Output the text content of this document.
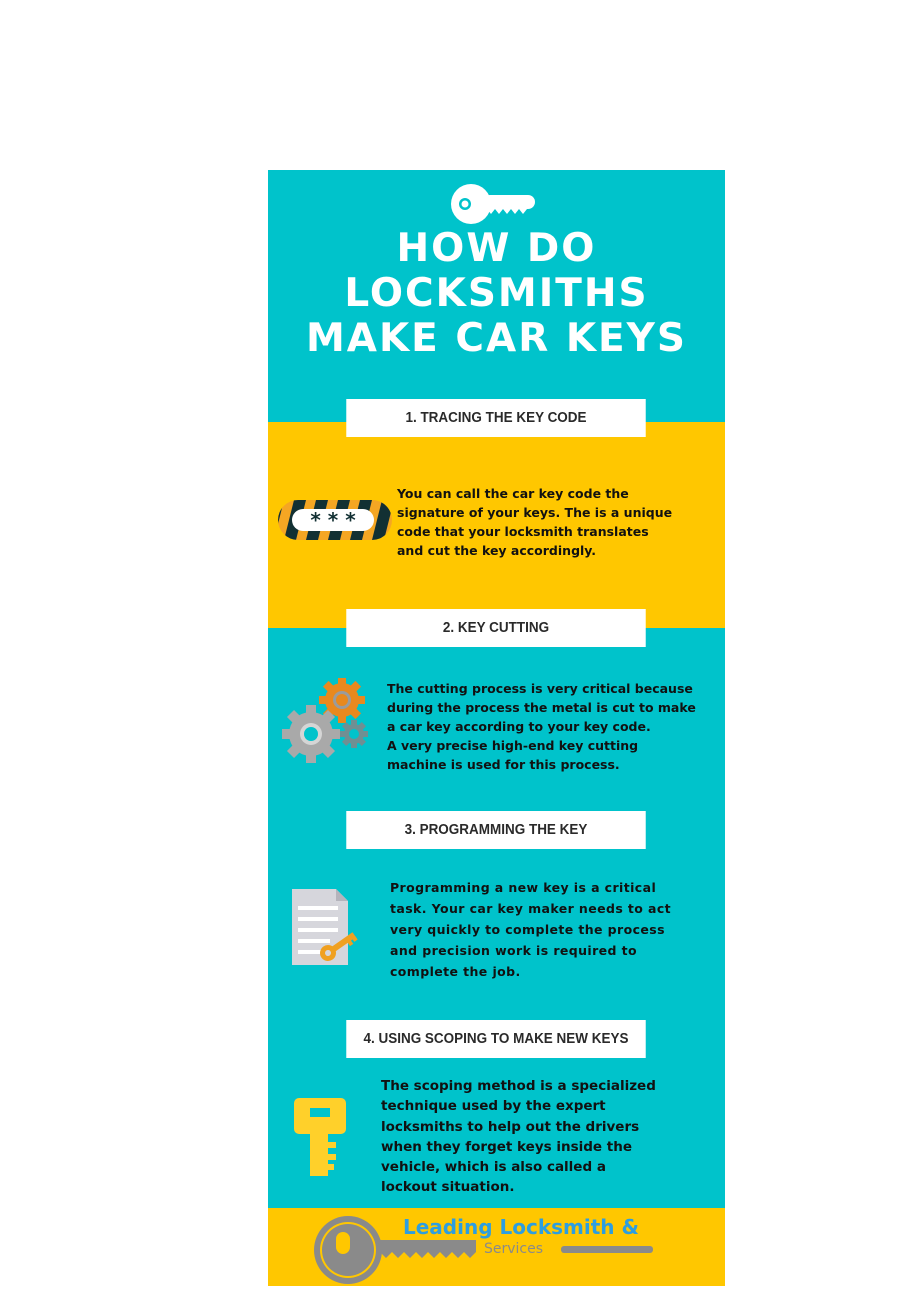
HOW DO
LOCKSMITHS
MAKE CAR KEYS
1. TRACING THE KEY CODE
* * *
You can call the car key code the
signature of your keys. The is a unique
code that your locksmith translates
and cut the key accordingly.
2. KEY CUTTING
The cutting process is very critical because
during the process the metal is cut to make
a car key according to your key code.
A very precise high-end key cutting
machine is used for this process.
3. PROGRAMMING THE KEY
Programming a new key is a critical
task. Your car key maker needs to act
very quickly to complete the process
and precision work is required to
complete the job.
4. USING SCOPING TO MAKE NEW KEYS
The scoping method is a specialized
technique used by the expert
locksmiths to help out the drivers
when they forget keys inside the
vehicle, which is also called a
lockout situation.
Leading Locksmith &
Services
